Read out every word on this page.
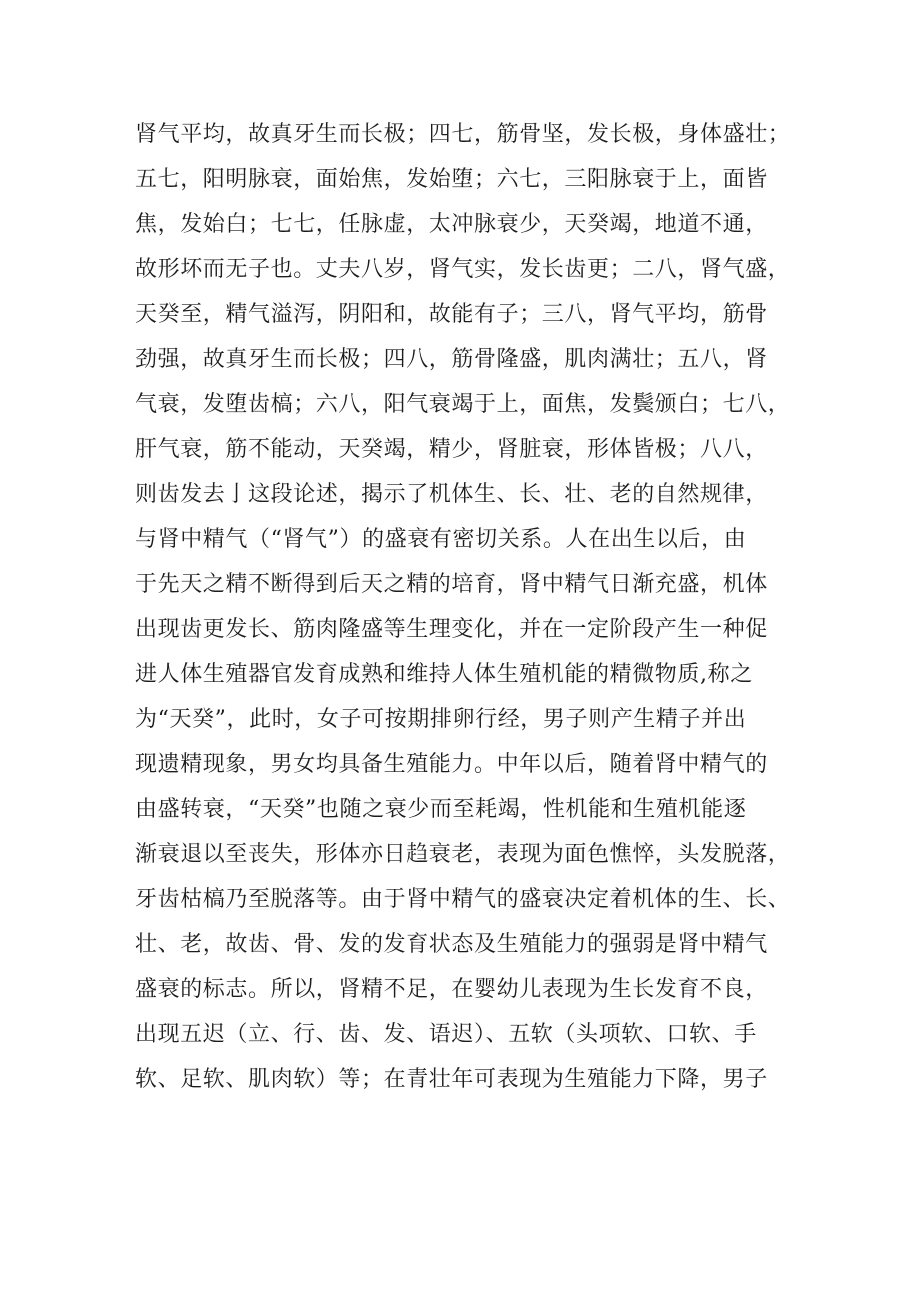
肾气平均，故真牙生而长极；四七，筋骨坚，发长极，身体盛壮；
五七，阳明脉衰，面始焦，发始堕；六七，三阳脉衰于上，面皆
焦，发始白；七七，任脉虚，太冲脉衰少，天癸竭，地道不通，
故形坏而无子也。丈夫八岁，肾气实，发长齿更；二八，肾气盛，
天癸至，精气溢泻，阴阳和，故能有子；三八，肾气平均，筋骨
劲强，故真牙生而长极；四八，筋骨隆盛，肌肉满壮；五八，肾
气衰，发堕齿槁；六八，阳气衰竭于上，面焦，发鬓颁白；七八，
肝气衰，筋不能动，天癸竭，精少，肾脏衰，形体皆极；八八，
则齿发去亅这段论述，揭示了机体生、长、壮、老的自然规律，
与肾中精气（“肾气”）的盛衰有密切关系。人在出生以后，由
于先天之精不断得到后天之精的培育，肾中精气日渐充盛，机体
出现齿更发长、筋肉隆盛等生理变化，并在一定阶段产生一种促
进人体生殖器官发育成熟和维持人体生殖机能的精微物质,称之
为“天癸”，此时，女子可按期排卵行经，男子则产生精子并出
现遗精现象，男女均具备生殖能力。中年以后，随着肾中精气的
由盛转衰，“天癸”也随之衰少而至耗竭，性机能和生殖机能逐
渐衰退以至丧失，形体亦日趋衰老，表现为面色憔悴，头发脱落，
牙齿枯槁乃至脱落等。由于肾中精气的盛衰决定着机体的生、长、
壮、老，故齿、骨、发的发育状态及生殖能力的强弱是肾中精气
盛衰的标志。所以，肾精不足，在婴幼儿表现为生长发育不良，
出现五迟（立、行、齿、发、语迟）、五软（头项软、口软、手
软、足软、肌肉软）等；在青壮年可表现为生殖能力下降，男子
